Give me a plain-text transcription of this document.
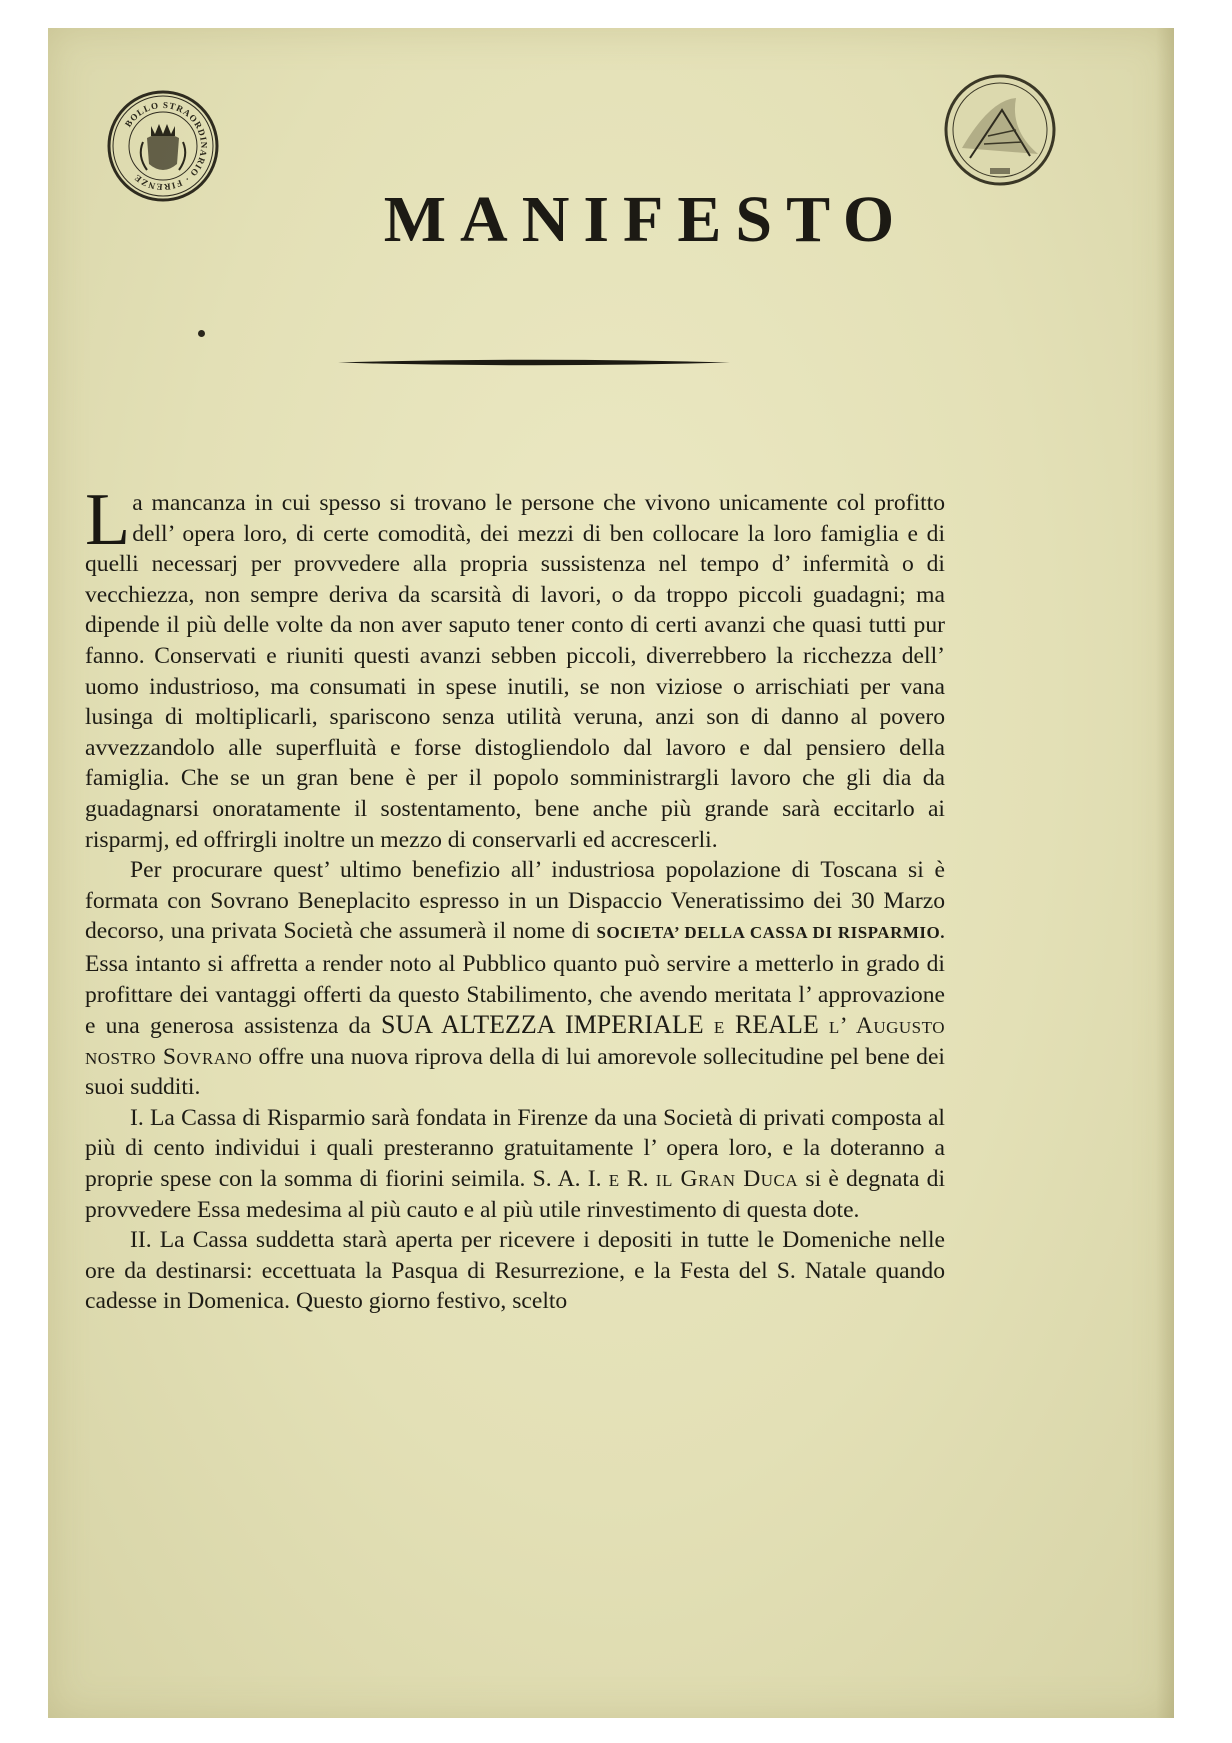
BOLLO STRAORDINARIO · FIRENZE
MANIFESTO

La mancanza in cui spesso si trovano le persone che vivono unicamente col profitto dell’ opera loro, di certe comodità, dei mezzi di ben collocare la loro famiglia e di quelli necessarj per provvedere alla propria sussistenza nel tempo d’ infermità o di vecchiezza, non sempre deriva da scarsità di lavori, o da troppo piccoli guadagni; ma dipende il più delle volte da non aver saputo tener conto di certi avanzi che quasi tutti pur fanno. Conservati e riuniti questi avanzi sebben piccoli, diverrebbero la ricchezza dell’ uomo industrioso, ma consumati in spese inutili, se non viziose o arrischiati per vana lusinga di moltiplicarli, spariscono senza utilità veruna, anzi son di danno al povero avvezzandolo alle superfluità e forse distogliendolo dal lavoro e dal pensiero della famiglia. Che se un gran bene è per il popolo somministrargli lavoro che gli dia da guadagnarsi onoratamente il sostentamento, bene anche più grande sarà eccitarlo ai risparmj, ed offrirgli inoltre un mezzo di conservarli ed accrescerli.

Per procurare quest’ ultimo benefizio all’ industriosa popolazione di Toscana si è formata con Sovrano Beneplacito espresso in un Dispaccio Veneratissimo dei 30 Marzo decorso, una privata Società che assumerà il nome di SOCIETA’ DELLA CASSA DI RISPARMIO. Essa intanto si affretta a render noto al Pubblico quanto può servire a metterlo in grado di profittare dei vantaggi offerti da questo Stabilimento, che avendo meritata l’ approvazione e una generosa assistenza da SUA ALTEZZA IMPERIALE e REALE l’ Augusto nostro Sovrano offre una nuova riprova della di lui amorevole sollecitudine pel bene dei suoi sudditi.

I. La Cassa di Risparmio sarà fondata in Firenze da una Società di privati composta al più di cento individui i quali presteranno gratuitamente l’ opera loro, e la doteranno a proprie spese con la somma di fiorini seimila. S. A. I. e R. il Gran Duca si è degnata di provvedere Essa medesima al più cauto e al più utile rinvestimento di questa dote.

II. La Cassa suddetta starà aperta per ricevere i depositi in tutte le Domeniche nelle ore da destinarsi: eccettuata la Pasqua di Resurrezione, e la Festa del S. Natale quando cadesse in Domenica. Questo giorno festivo, scelto
